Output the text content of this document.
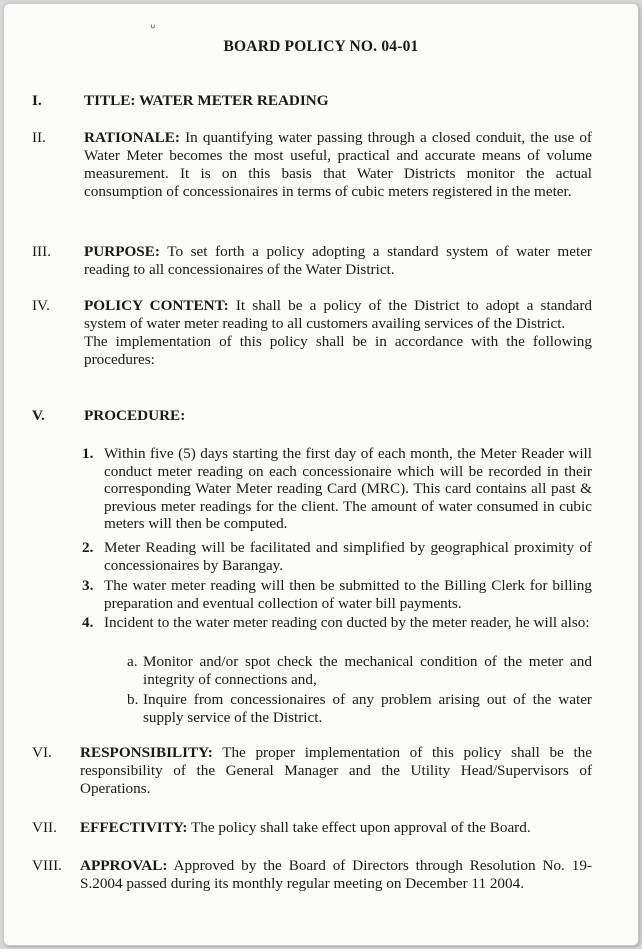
ᐡ
BOARD POLICY NO. 04-01
I.	TITLE: WATER METER READING
II.	RATIONALE: In quantifying water passing through a closed conduit, the use of Water Meter becomes the most useful, practical and accurate means of volume measurement. It is on this basis that Water Districts monitor the actual consumption of concessionaires in terms of cubic meters registered in the meter.
III. PURPOSE: To set forth a policy adopting a standard system of water meter reading to all concessionaires of the Water District.
IV. POLICY CONTENT: It shall be a policy of the District to adopt a standard system of water meter reading to all customers availing services of the District.
The implementation of this policy shall be in accordance with the following procedures:
V.	PROCEDURE:
1. Within five (5) days starting the first day of each month, the Meter Reader will conduct meter reading on each concessionaire which will be recorded in their corresponding Water Meter reading Card (MRC). This card contains all past & previous meter readings for the client. The amount of water consumed in cubic meters will then be computed.
2. Meter Reading will be facilitated and simplified by geographical proximity of concessionaires by Barangay.
3. The water meter reading will then be submitted to the Billing Clerk for billing preparation and eventual collection of water bill payments.
4. Incident to the water meter reading con ducted by the meter reader, he will also:
a. Monitor and/or spot check the mechanical condition of the meter and integrity of connections and,
b. Inquire from concessionaires of any problem arising out of the water supply service of the District.
VI. RESPONSIBILITY: The proper implementation of this policy shall be the responsibility of the General Manager and the Utility Head/Supervisors of Operations.
VII. EFFECTIVITY: The policy shall take effect upon approval of the Board.
VIII. APPROVAL: Approved by the Board of Directors through Resolution No. 19-S.2004 passed during its monthly regular meeting on December 11 2004.
